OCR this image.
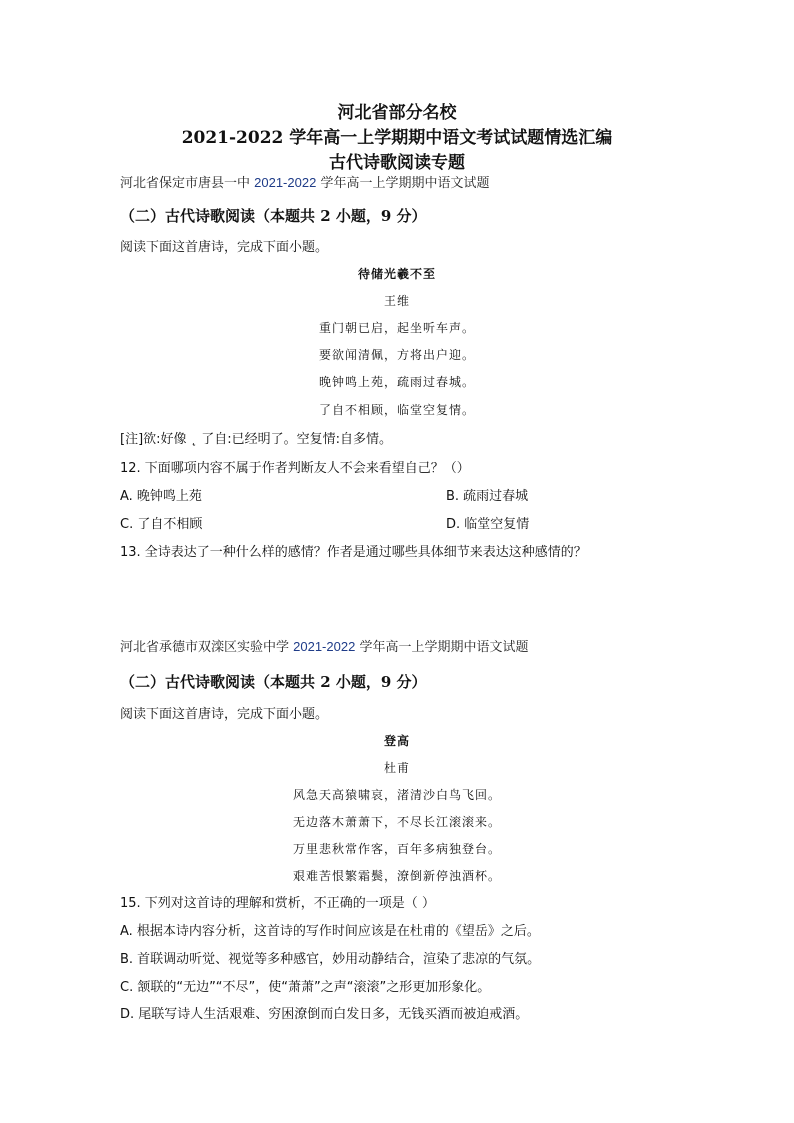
河北省部分名校
2021-2022 学年高一上学期期中语文考试试题情选汇编
古代诗歌阅读专题
河北省保定市唐县一中 2021-2022 学年高一上学期期中语文试题
（二）古代诗歌阅读（本题共 2 小题，9 分）
阅读下面这首唐诗，完成下面小题。
待储光羲不至
王维
重门朝已启，起坐听车声。
要欲闻清佩，方将出户迎。
晚钟鸣上苑，疏雨过春城。
了自不相顾，临堂空复情。
[注]欲:好像 ˛ 了自:已经明了。空复情:自多情。
12. 下面哪项内容不属于作者判断友人不会来看望自己？（）
A. 晚钟鸣上苑	B. 疏雨过春城
C. 了自不相顾	D. 临堂空复情
13. 全诗表达了一种什么样的感情？作者是通过哪些具体细节来表达这种感情的？
河北省承德市双滦区实验中学 2021-2022 学年高一上学期期中语文试题
（二）古代诗歌阅读（本题共 2 小题，9 分）
阅读下面这首唐诗，完成下面小题。
登高
杜甫
风急天高猿啸哀，渚清沙白鸟飞回。
无边落木萧萧下，不尽长江滚滚来。
万里悲秋常作客，百年多病独登台。
艰难苦恨繁霜鬓，潦倒新停浊酒杯。
15. 下列对这首诗的理解和赏析，不正确的一项是（ ）
A. 根据本诗内容分析，这首诗的写作时间应该是在杜甫的《望岳》之后。
B. 首联调动听觉、视觉等多种感官，妙用动静结合，渲染了悲凉的气氛。
C. 颔联的“无边”“不尽”，使“萧萧”之声“滚滚”之形更加形象化。
D. 尾联写诗人生活艰难、穷困潦倒而白发日多，无钱买酒而被迫戒酒。
